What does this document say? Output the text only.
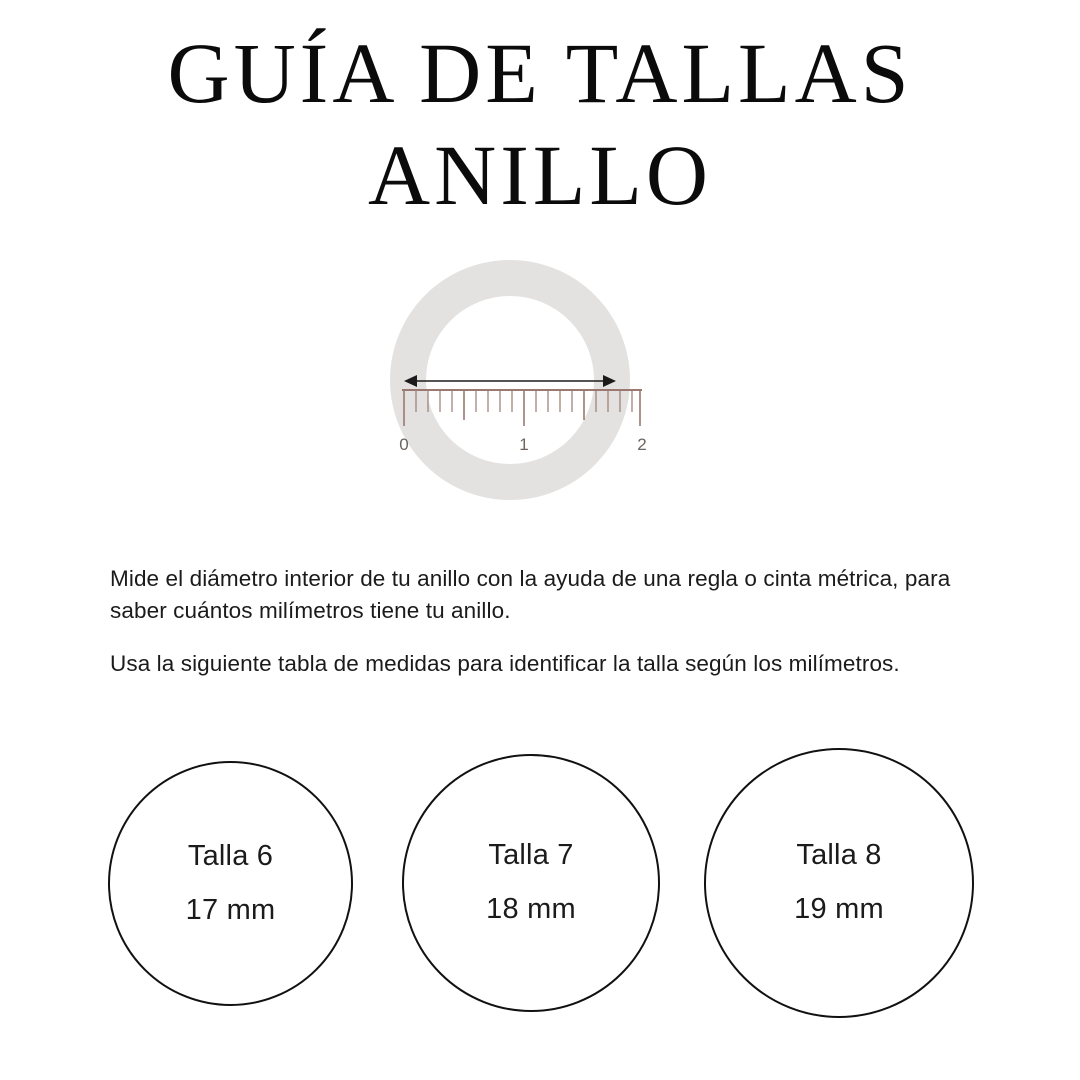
GUÍA DE TALLAS
ANILLO
0	1	2

Mide el diámetro interior de tu anillo con la ayuda de una regla o cinta métrica, para saber cuántos milímetros tiene tu anillo.

Usa la siguiente tabla de medidas para identificar la talla según los milímetros.

Talla 6
17 mm
Talla 7
18 mm
Talla 8
19 mm
